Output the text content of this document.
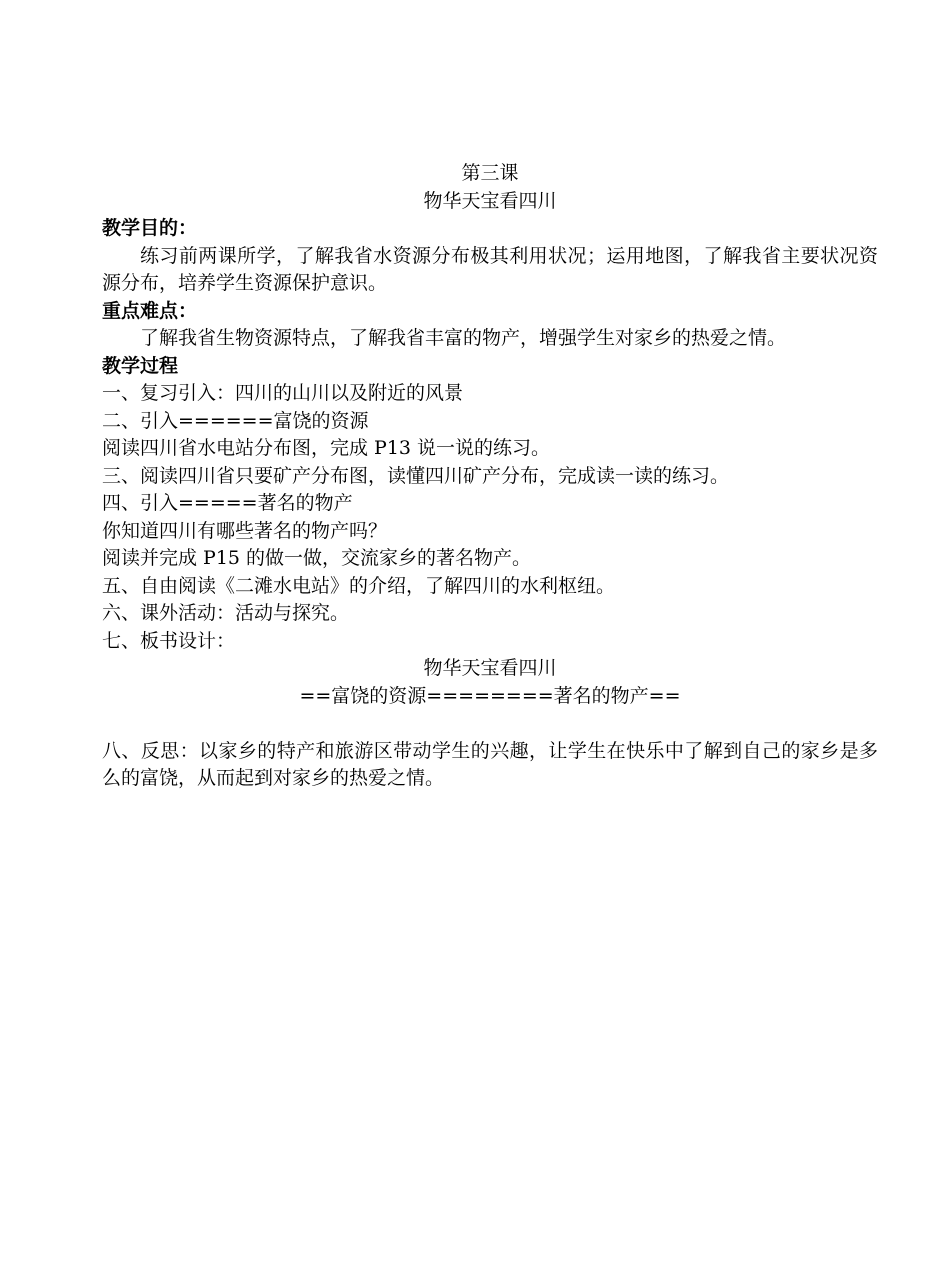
第三课
物华天宝看四川
教学目的：
练习前两课所学，了解我省水资源分布极其利用状况；运用地图，了解我省主要状况资源分布，培养学生资源保护意识。
重点难点：
了解我省生物资源特点，了解我省丰富的物产，增强学生对家乡的热爱之情。
教学过程
一、复习引入：四川的山川以及附近的风景
二、引入======富饶的资源
阅读四川省水电站分布图，完成 P13 说一说的练习。
三、阅读四川省只要矿产分布图，读懂四川矿产分布，完成读一读的练习。
四、引入=====著名的物产
你知道四川有哪些著名的物产吗？
阅读并完成 P15 的做一做，交流家乡的著名物产。
五、自由阅读《二滩水电站》的介绍，了解四川的水利枢纽。
六、课外活动：活动与探究。
七、板书设计：
物华天宝看四川
==富饶的资源========著名的物产==
八、反思：以家乡的特产和旅游区带动学生的兴趣，让学生在快乐中了解到自己的家乡是多么的富饶，从而起到对家乡的热爱之情。
